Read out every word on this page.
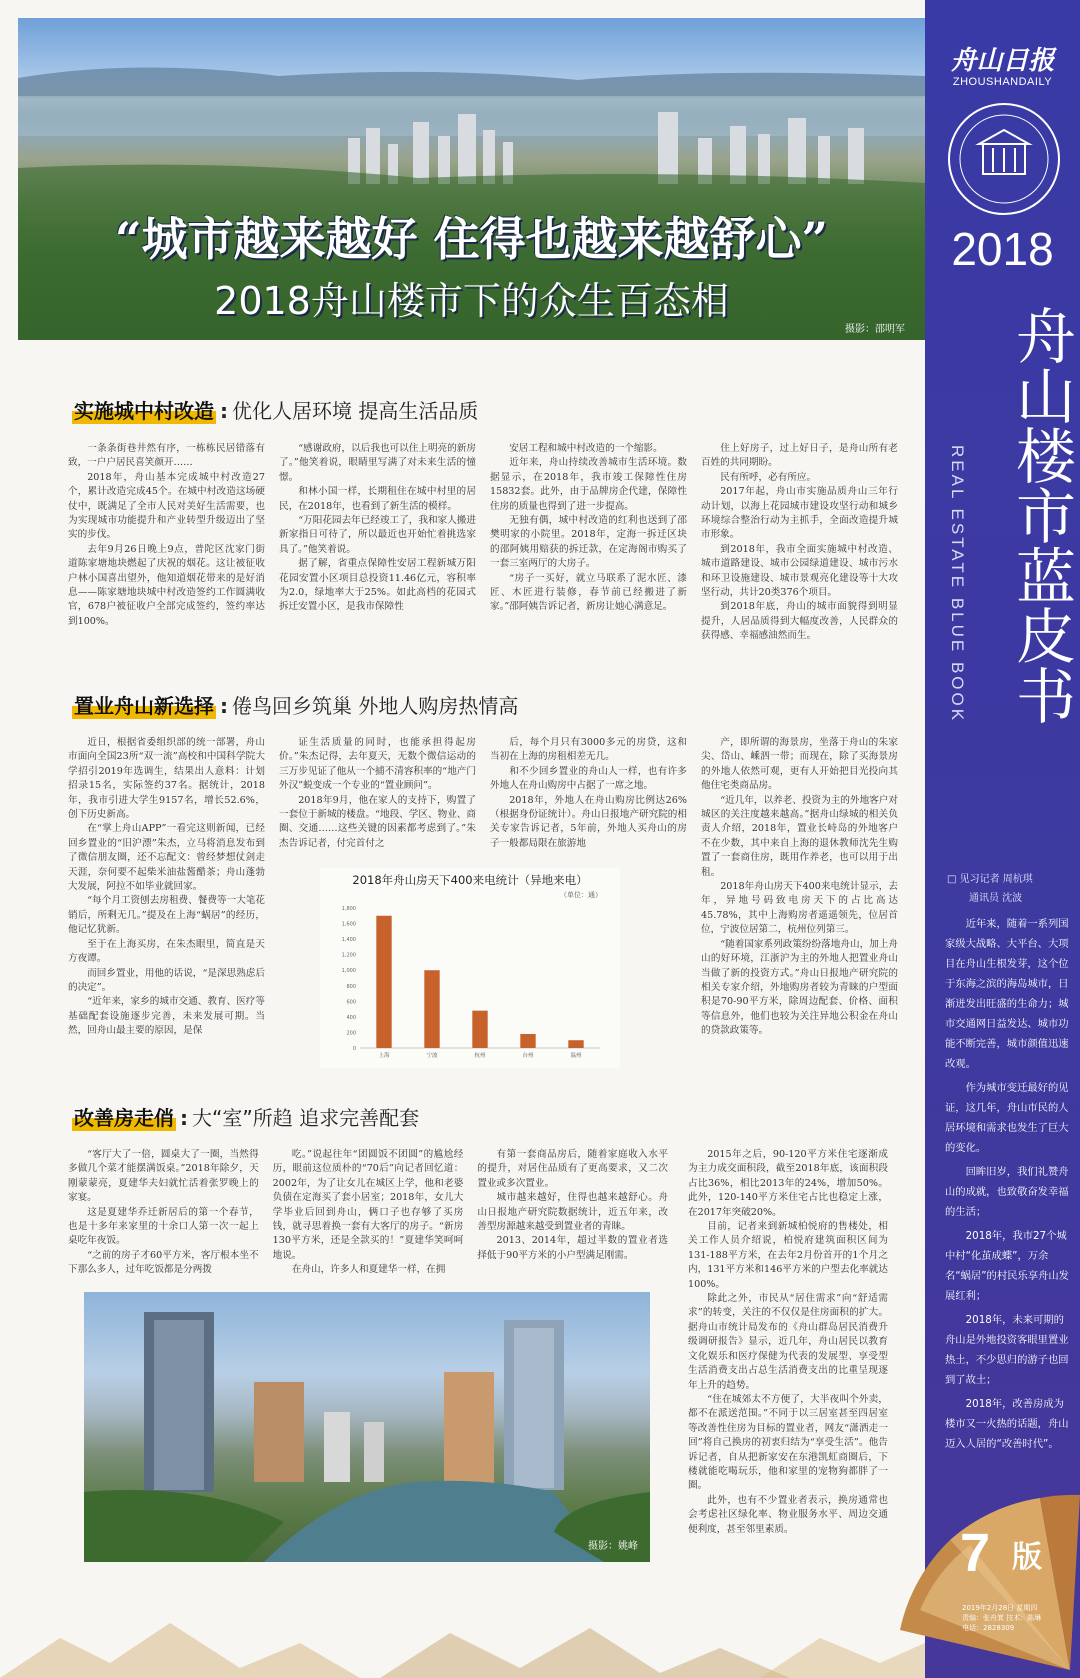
“城市越来越好 住得也越来越舒心”
2018舟山楼市下的众生百态相
摄影：邵明军
实施城中村改造 : 优化人居环境 提高生活品质

一条条街巷井然有序，一栋栋民居错落有致，一户户居民喜笑颜开……

2018年，舟山基本完成城中村改造27个，累计改造完成45个。在城中村改造这场硬仗中，既满足了全市人民对美好生活需要，也为实现城市功能提升和产业转型升级迈出了坚实的步伐。

去年9月26日晚上9点，普陀区沈家门街道陈家塘地块燃起了庆祝的烟花。这让被征收户林小国喜出望外，他知道烟花带来的是好消息——陈家塘地块城中村改造签约工作圆满收官，678户被征收户全部完成签约，签约率达到100%。

“感谢政府，以后我也可以住上明亮的新房了。”他笑着说，眼睛里写满了对未来生活的憧憬。

和林小国一样，长期租住在城中村里的居民，在2018年，也看到了新生活的模样。

“万阳花园去年已经竣工了，我和家人搬进新家指日可待了，所以最近也开始忙着挑选家具了。”他笑着说。

据了解，省重点保障性安居工程新城万阳花园安置小区项目总投资11.46亿元，容积率为2.0，绿地率大于25%。如此高档的花园式拆迁安置小区，是我市保障性

安居工程和城中村改造的一个缩影。

近年来，舟山持续改善城市生活环境。数据显示，在2018年，我市竣工保障性住房15832套。此外，由于品牌房企代建，保障性住房的质量也得到了进一步提高。

无独有偶，城中村改造的红利也送到了邵樊明家的小院里。2018年，定海一拆迁区块的邵阿姨用赔获的拆迁款，在定海阁市购买了一套三室两厅的大房子。

“房子一买好，就立马联系了泥水匠、漆匠、木匠进行装修，春节前已经搬进了新家。”邵阿姨告诉记者，新房让她心满意足。

住上好房子，过上好日子，是舟山所有老百姓的共同期盼。

民有所呼，必有所应。

2017年起，舟山市实施品质舟山三年行动计划，以海上花园城市建设攻坚行动和城乡环境综合整治行动为主抓手，全面改造提升城市形象。

到2018年，我市全面实施城中村改造、城市道路建设、城市公园绿道建设、城市污水和环卫设施建设、城市景观亮化建设等十大攻坚行动，共计20类376个项目。

到2018年底，舟山的城市面貌得到明显提升，人居品质得到大幅度改善，人民群众的获得感、幸福感油然而生。

置业舟山新选择 : 倦鸟回乡筑巢 外地人购房热情高

近日，根据省委组织部的统一部署，舟山市面向全国23所“双一流”高校和中国科学院大学招引2019年选调生，结果出人意料：计划招录15名，实际签约37名。据统计，2018年，我市引进大学生9157名，增长52.6%，创下历史新高。

在“掌上舟山APP”一看完这则新闻，已经回乡置业的“旧沪漂”朱杰，立马将消息发布到了微信朋友圈，还不忘配文：曾经梦想仗剑走天涯，奈何要不起柴米油盐酱醋茶；舟山蓬勃大发展，阿拉不如毕业就回家。

“每个月工资刨去房租费、餐费等一大笔花销后，所剩无几。”提及在上海“蜗居”的经历，他记忆犹新。

至于在上海买房，在朱杰眼里，简直是天方夜谭。

而回乡置业，用他的话说，“是深思熟虑后的决定”。

“近年来，家乡的城市交通、教育、医疗等基础配套设施逐步完善，未来发展可期。当然，回舟山最主要的原因，是保

证生活质量的同时，也能承担得起房价。”朱杰记得，去年夏天，无数个微信运动的三万步见证了他从一个捕不清容积率的“地产门外汉”蜕变成一个专业的“置业顾问”。

2018年9月，他在家人的支持下，购置了一套位于新城的楼盘。“地段、学区、物业、商圈、交通……这些关键的因素都考虑到了。”朱杰告诉记者，付完首付之

后，每个月只有3000多元的房贷，这和当初在上海的房租相差无几。

和不少回乡置业的舟山人一样，也有许多外地人在舟山购房中占据了一席之地。

2018年，外地人在舟山购房比例达26%（根据身份证统计）。舟山日报地产研究院的相关专家告诉记者，5年前，外地人买舟山的房子一般都局限在旅游地

产，即所谓的海景房，坐落于舟山的朱家尖、岱山、嵊泗一带；而现在，除了买海景房的外地人依然可观，更有人开始把目光投向其他住宅类商品房。

“近几年，以养老、投资为主的外地客户对城区的关注度越来越高。”据舟山绿城的相关负责人介绍，2018年，置业长峙岛的外地客户不在少数，其中来自上海的退休教师沈先生购置了一套商住房，既用作养老，也可以用于出租。

2018年舟山房天下400来电统计显示，去年，异地号码致电房天下的占比高达45.78%，其中上海购房者遥遥领先，位居首位，宁波位居第二，杭州位列第三。

“随着国家系列政策纷纷落地舟山，加上舟山的好环境，江浙沪为主的外地人把置业舟山当做了新的投资方式。”舟山日报地产研究院的相关专家介绍，外地购房者较为青睐的户型面积是70-90平方米，除周边配套、价格、面积等信息外，他们也较为关注异地公积金在舟山的贷款政策等。

2018年舟山房天下400来电统计（异地来电）
（单位：通）
0
200
400
600
800
1,000
1,200
1,400
1,600
1,800
上海	宁波	杭州	台州	温州
改善房走俏 : 大“室”所趋 追求完善配套

“客厅大了一倍，圆桌大了一圈，当然得多做几个菜才能摆满饭桌。”2018年除夕，天刚蒙蒙亮，夏建华夫妇就忙活着张罗晚上的家宴。

这是夏建华乔迁新居后的第一个春节，也是十多年来家里的十余口人第一次一起上桌吃年夜饭。

“之前的房子才60平方米，客厅根本坐不下那么多人，过年吃饭都是分两拨

吃。”说起往年“团圆饭不团圆”的尴尬经历，眼前这位质朴的“70后”向记者回忆道：2002年，为了让女儿在城区上学，他和老婆负债在定海买了套小居室；2018年，女儿大学毕业后回到舟山，俩口子也存够了买房钱，就寻思着换一套有大客厅的房子。“新房130平方米，还是全款买的！”夏建华笑呵呵地说。

在舟山，许多人和夏建华一样，在拥

有第一套商品房后，随着家庭收入水平的提升，对居住品质有了更高要求，又二次置业或多次置业。

城市越来越好，住得也越来越舒心。舟山日报地产研究院数据统计，近五年来，改善型房源越来越受到置业者的青睐。

2013、2014年，超过半数的置业者选择低于90平方米的小户型满足刚需。

2015年之后，90-120平方米住宅逐渐成为主力成交面积段，截至2018年底，该面积段占比36%，相比2013年的24%，增加50%。此外，120-140平方米住宅占比也稳定上涨，在2017年突破20%。

目前，记者来到新城柏悦府的售楼处，相关工作人员介绍说，柏悦府建筑面积区间为131-188平方米，在去年2月份首开的1个月之内，131平方米和146平方米的户型去化率就达100%。

除此之外，市民从“居住需求”向“舒适需求”的转变，关注的不仅仅是住房面积的扩大。据舟山市统计局发布的《舟山群岛居民消费升级调研报告》显示，近几年，舟山居民以教育文化娱乐和医疗保健为代表的发展型、享受型生活消费支出占总生活消费支出的比重呈现逐年上升的趋势。

“住在城郊太不方便了，大半夜叫个外卖，都不在派送范围。”不同于以三居室甚至四居室等改善性住房为目标的置业者，网友“潇洒走一回”将自己换房的初衷归结为“享受生活”。他告诉记者，自从把新家安在东港凯虹商圈后，下楼就能吃喝玩乐，他和家里的宠物狗都胖了一圈。

此外，也有不少置业者表示，换房通常也会考虑社区绿化率、物业服务水平、周边交通便利度，甚至邻里素质。

摄影：姚峰
舟山日报
ZHOUSHANDAILY
2018
舟山楼市蓝皮书
REAL ESTATE BLUE BOOK
□ 见习记者 周杭琪
通讯员 沈波

近年来，随着一系列国家级大战略、大平台、大项目在舟山生根发芽，这个位于东海之滨的海岛城市，日渐迸发出旺盛的生命力；城市交通网日益发达、城市功能不断完善，城市颜值迅速改观。

作为城市变迁最好的见证，这几年，舟山市民的人居环境和需求也发生了巨大的变化。

回眸旧岁，我们礼赞舟山的成就，也致敬奋发幸福的生活；

2018年，我市27个城中村“化茧成蝶”，万余名“蜗居”的村民乐享舟山发展红利；

2018年，未来可期的舟山是外地投资客眼里置业热土，不少思归的游子也回到了故土；

2018年，改善房成为楼市又一火热的话题，舟山迈入人居的“改善时代”。

7 版
2019年2月28日 星期四
责编：张舟箕 技术：陈琳
电话：2828309
